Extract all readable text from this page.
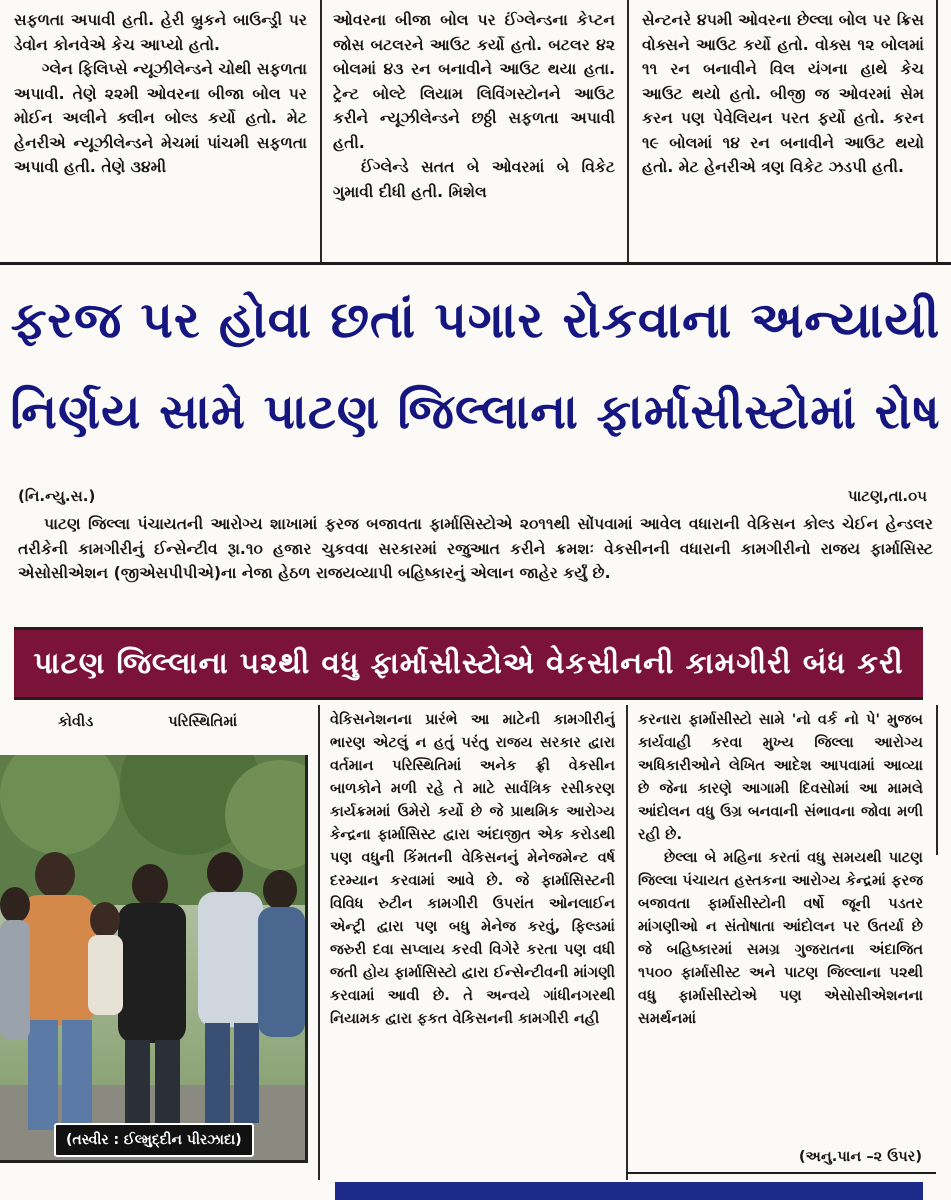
સફળતા અપાવી હતી. હેરી બ્રુકને બાઉન્ડ્રી પર ડેવોન કોનવેએ કેચ આપ્યો હતો.

ગ્લેન ફિલિપ્સે ન્યૂઝીલેન્ડને ચોથી સફળતા અપાવી. તેણે ૨૨મી ઓવરના બીજા બોલ પર મોઈન અલીને ક્લીન બોલ્ડ કર્યો હતો. મેટ હેનરીએ ન્યૂઝીલેન્ડને મેચમાં પાંચમી સફળતા અપાવી હતી. તેણે ૩૪મી

ઓવરના બીજા બોલ પર ઈંગ્લેન્ડના કેપ્ટન જોસ બટલરને આઉટ કર્યો હતો. બટલર ૪૨ બોલમાં ૪૩ રન બનાવીને આઉટ થયા હતા. ટ્રેન્ટ બોલ્ટે લિયામ લિવિંગસ્ટોનને આઉટ કરીને ન્યૂઝીલેન્ડને છઠ્ઠી સફળતા અપાવી હતી.

ઈંગ્લેન્ડે સતત બે ઓવરમાં બે વિકેટ ગુમાવી દીધી હતી. મિશેલ

સેન્ટનરે ૪૫મી ઓવરના છેલ્લા બોલ પર ક્રિસ વોક્સને આઉટ કર્યો હતો. વોક્સ ૧૨ બોલમાં ૧૧ રન બનાવીને વિલ યંગના હાથે કેચ આઉટ થયો હતો. બીજી જ ઓવરમાં સેમ કરન પણ પેવેલિયન પરત ફર્યો હતો. કરન ૧૯ બોલમાં ૧૪ રન બનાવીને આઉટ થયો હતો. મેટ હેનરીએ ત્રણ વિકેટ ઝડપી હતી.

ફરજ પર હોવા છતાં પગાર રોકવાના અન્યાયી
નિર્ણય સામે પાટણ જિલ્લાના ફાર્માસીસ્ટોમાં રોષ
(નિ.ન્યુ.સ.)	પાટણ,તા.૦૫

પાટણ જિલ્લા પંચાયતની આરોગ્ય શાખામાં ફરજ બજાવતા ફાર્માસિસ્ટોએ ૨૦૧૧થી સોંપવામાં આવેલ વધારાની વેકિસન કોલ્ડ ચેઈન હેન્ડલર તરીકેની કામગીરીનું ઈન્સેન્ટીવ રૂા.૧૦ હજાર ચુકવવા સરકારમાં રજુઆત કરીને ક્રમશઃ વેકસીનની વધારાની કામગીરીનો રાજય ફાર્માસિસ્ટ એસોસીએશન (જીએસપીપીએ)ના નેજા હેઠળ રાજયવ્યાપી બહિષ્કારનું એલાન જાહેર કર્યું છે.

પાટણ જિલ્લાના ૫૨થી વધુ ફાર્માસીસ્ટોએ વેકસીનની કામગીરી બંધ કરી

કોવીડ પરિસ્થિતિમાં

(તસ્વીર : ઈલ્મુદ્દીન પીરઝાદા)

વેકિસનેશનના પ્રારંભે આ માટેની કામગીરીનું ભારણ એટલું ન હતું પરંતુ રાજય સરકાર દ્વારા વર્તમાન પરિસ્થિતિમાં અનેક ફ્રી વેકસીન બાળકોને મળી રહે તે માટે સાર્વત્રિક રસીકરણ કાર્યક્રમમાં ઉમેરો કર્યો છે જે પ્રાથમિક આરોગ્ય કેન્દ્રના ફાર્માસિસ્ટ દ્વારા અંદાજીત એક કરોડથી પણ વધુની કિંમતની વેકિસનનું મેનેજમેન્ટ વર્ષ દરમ્યાન કરવામાં આવે છે. જે ફાર્માસિસ્ટની વિવિધ રુટીન કામગીરી ઉપરાંત ઓનલાઈન એન્ટ્રી દ્વારા પણ બધુ મેનેજ કરવું, ફિલ્ડમાં જરુરી દવા સપ્લાય કરવી વિગેરે કરતા પણ વધી જતી હોય ફાર્માસિસ્ટો દ્વારા ઈન્સેન્ટીવની માંગણી કરવામાં આવી છે. તે અન્વયે ગાંધીનગરથી નિયામક દ્વારા ફકત વેકિસનની કામગીરી નહી

કરનારા ફાર્માસીસ્ટો સામે 'નો વર્ક નો પે' મુજબ કાર્યવાહી કરવા મુખ્ય જિલ્લા આરોગ્ય અધિકારીઓને લેખિત આદેશ આપવામાં આવ્યા છે જેના કારણે આગામી દિવસોમાં આ મામલે આંદોલન વધુ ઉગ્ર બનવાની સંભાવના જોવા મળી રહી છે.

છેલ્લા બે મહિના કરતાં વધુ સમયથી પાટણ જિલ્લા પંચાયત હસ્તકના આરોગ્ય કેન્દ્રમાં ફરજ બજાવતા ફાર્માસીસ્ટોની વર્ષો જૂની પડતર માંગણીઓ ન સંતોષાતા આંદોલન પર ઉતર્યા છે જે બહિષ્કારમાં સમગ્ર ગુજરાતના અંદાજિત ૧૫૦૦ ફાર્માસીસ્ટ અને પાટણ જિલ્લાના ૫૨થી વધુ ફાર્માસીસ્ટોએ પણ એસોસીએશનના સમર્થનમાં

(અનુ.પાન –૨ ઉપર)
